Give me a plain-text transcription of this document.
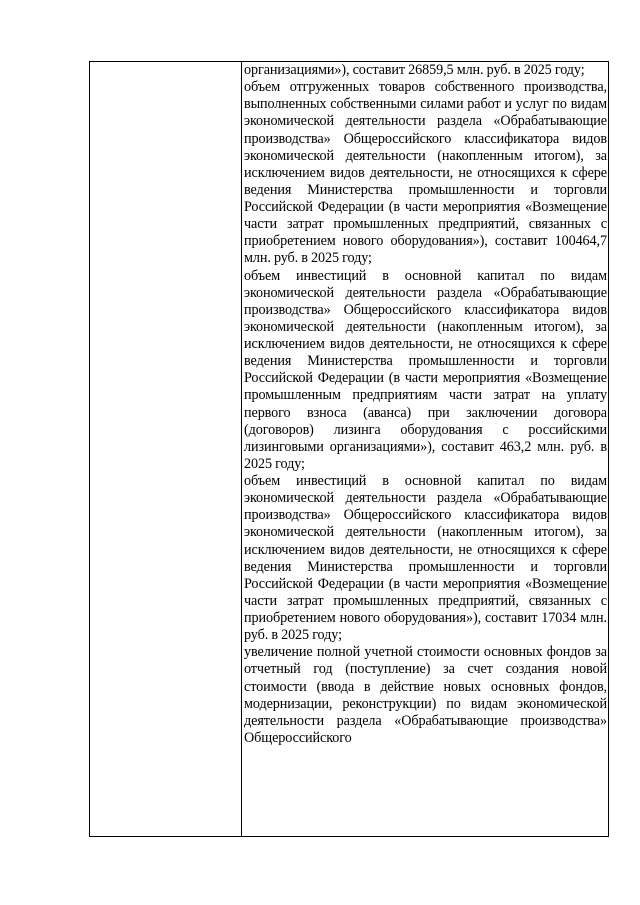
организациями»), составит 26859,5 млн. руб. в 2025 году;

объем отгруженных товаров собственного производства, выполненных собственными силами работ и услуг по видам экономической деятельности раздела «Обрабатывающие производства» Общероссийского классификатора видов экономической деятельности (накопленным итогом), за исключением видов деятельности, не относящихся к сфере ведения Министерства промышленности и торговли Российской Федерации (в части мероприятия «Возмещение части затрат промышленных предприятий, связанных с приобретением нового оборудования»), составит 100464,7 млн. руб. в 2025 году;

объем инвестиций в основной капитал по видам экономической деятельности раздела «Обрабатывающие производства» Общероссийского классификатора видов экономической деятельности (накопленным итогом), за исключением видов деятельности, не относящихся к сфере ведения Министерства промышленности и торговли Российской Федерации (в части мероприятия «Возмещение промышленным предприятиям части затрат на уплату первого взноса (аванса) при заключении договора (договоров) лизинга оборудования с российскими лизинговыми организациями»), составит 463,2 млн. руб. в 2025 году;

объем инвестиций в основной капитал по видам экономической деятельности раздела «Обрабатывающие производства» Общероссийского классификатора видов экономической деятельности (накопленным итогом), за исключением видов деятельности, не относящихся к сфере ведения Министерства промышленности и торговли Российской Федерации (в части мероприятия «Возмещение части затрат промышленных предприятий, связанных с приобретением нового оборудования»), составит 17034 млн. руб. в 2025 году;

увеличение полной учетной стоимости основных фондов за отчетный год (поступление) за счет создания новой стоимости (ввода в действие новых основных фондов, модернизации, реконструкции) по видам экономической деятельности раздела «Обрабатывающие производства» Общероссийского
